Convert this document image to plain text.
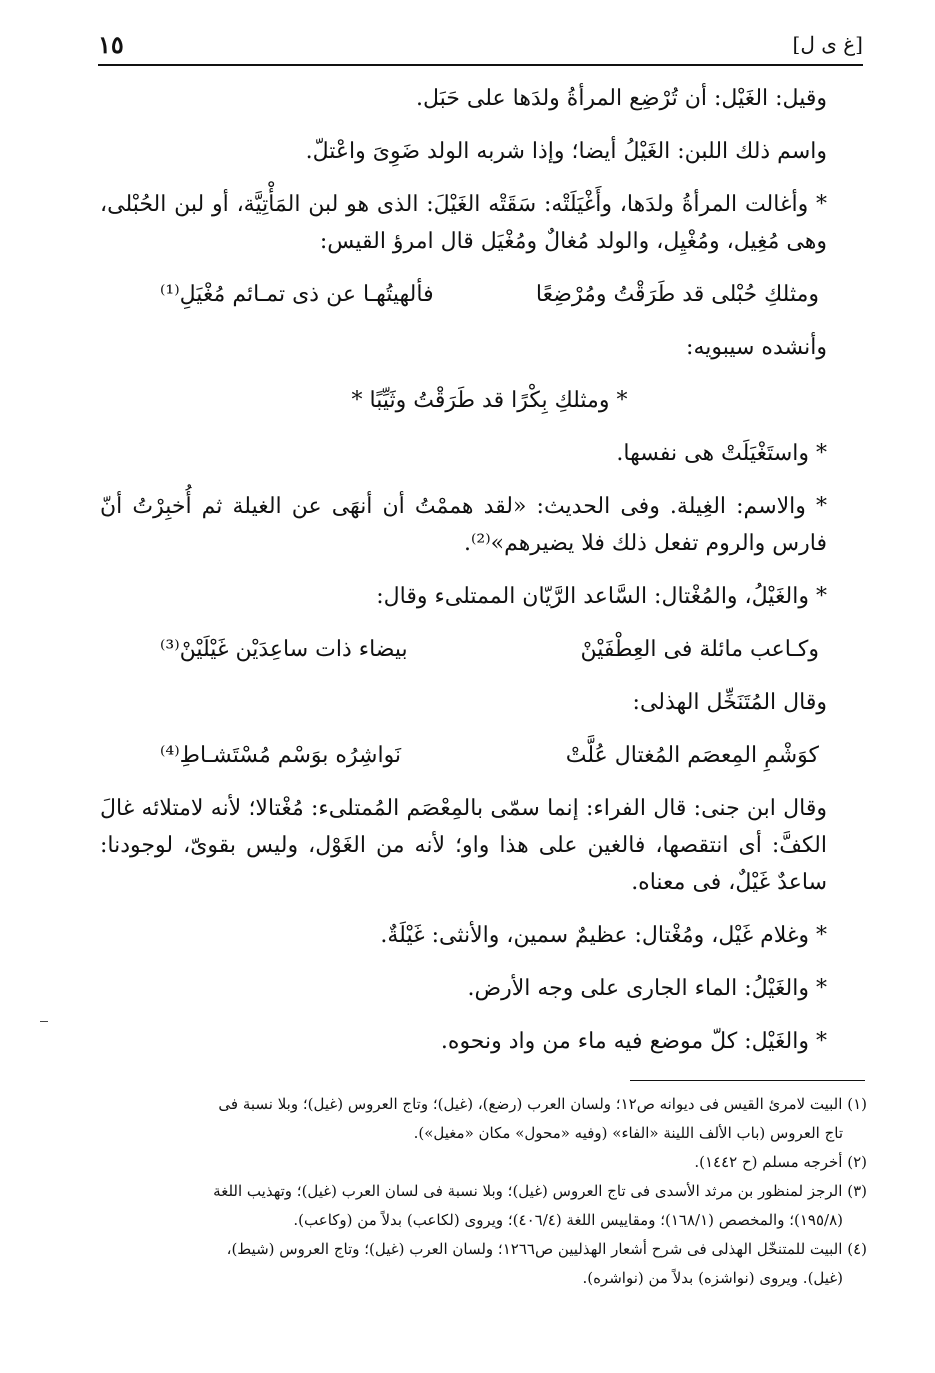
[غ ى ل]
١٥

وقيل: الغَيْل: أن تُرْضِع المرأةُ ولدَها على حَبَل.

واسم ذلك اللبن: الغَيْلُ أيضا؛ وإذا شربه الولد ضَوِىَ واعْتلّ.

* وأغالت المرأةُ ولدَها، وأَغْيَلَتْه: سَقَتْه الغَيْلَ: الذى هو لبن المَأْتِيَّة، أو لبن الحُبْلى، وهى مُغِيل، ومُغْيِل، والولد مُغالٌ ومُغْيَل قال امرؤ القيس:

ومثلكِ حُبْلى قد طَرَقْتُ ومُرْضِعًا
فألهيتُهـا عن ذى تمـائم مُغْيَلِ⁽¹⁾

وأنشده سيبويه:

* ومثلكِ بِكْرًا قد طَرَقْتُ وثَيِّبًا *

* واستَغْيَلَتْ هى نفسها.

* والاسم: الغِيلة. وفى الحديث: «لقد هممْتُ أن أنهَى عن الغيلة ثم أُخبِرْتُ أنّ فارس والروم تفعل ذلك فلا يضيرهم»⁽²⁾.

* والغَيْلُ، والمُغْتال: السَّاعد الرَّيّان الممتلىء وقال:

وكـاعب مائلة فى العِطْفَيْنْ
بيضاء ذات ساعِدَيْن غَيْلَيْنْ⁽³⁾

وقال المُتَنَخِّل الهذلى:

كوَشْمِ المِعصَم المُغتال عُلَّتْ
نَواشِرُه بوَسْم مُسْتَشـاطِ⁽⁴⁾

وقال ابن جنى: قال الفراء: إنما سمّى بالمِعْصَم المُمتلىء: مُغْتالا؛ لأنه لامتلائه غالَ الكفَّ: أى انتقصها، فالغين على هذا واو؛ لأنه من الغَوْل، وليس بقوىّ، لوجودنا: ساعدٌ غَيْلٌ، فى معناه.

* وغلام غَيْل، ومُغْتال: عظيمٌ سمين، والأنثى: غَيْلَةٌ.

* والغَيْلُ: الماء الجارى على وجه الأرض.

* والغَيْل: كلّ موضع فيه ماء من واد ونحوه.

(١) البيت لامرئ القيس فى ديوانه ص١٢؛ ولسان العرب (رضع)، (غيل)؛ وتاج العروس (غيل)؛ وبلا نسبة فى

تاج العروس (باب الألف اللينة «الفاء» (وفيه «محول» مكان «مغيل»).

(٢) أخرجه مسلم (ح ١٤٤٢).

(٣) الرجز لمنظور بن مرثد الأسدى فى تاج العروس (غيل)؛ وبلا نسبة فى لسان العرب (غيل)؛ وتهذيب اللغة

(١٩٥/٨)؛ والمخصص (١٦٨/١)؛ ومقاييس اللغة (٤٠٦/٤)؛ ويروى (لكاعب) بدلاً من (وكاعب).

(٤) البيت للمتنخّل الهذلى فى شرح أشعار الهذليين ص١٢٦٦؛ ولسان العرب (غيل)؛ وتاج العروس (شيط)،

(غيل). ويروى (نواشزه) بدلاً من (نواشره).
